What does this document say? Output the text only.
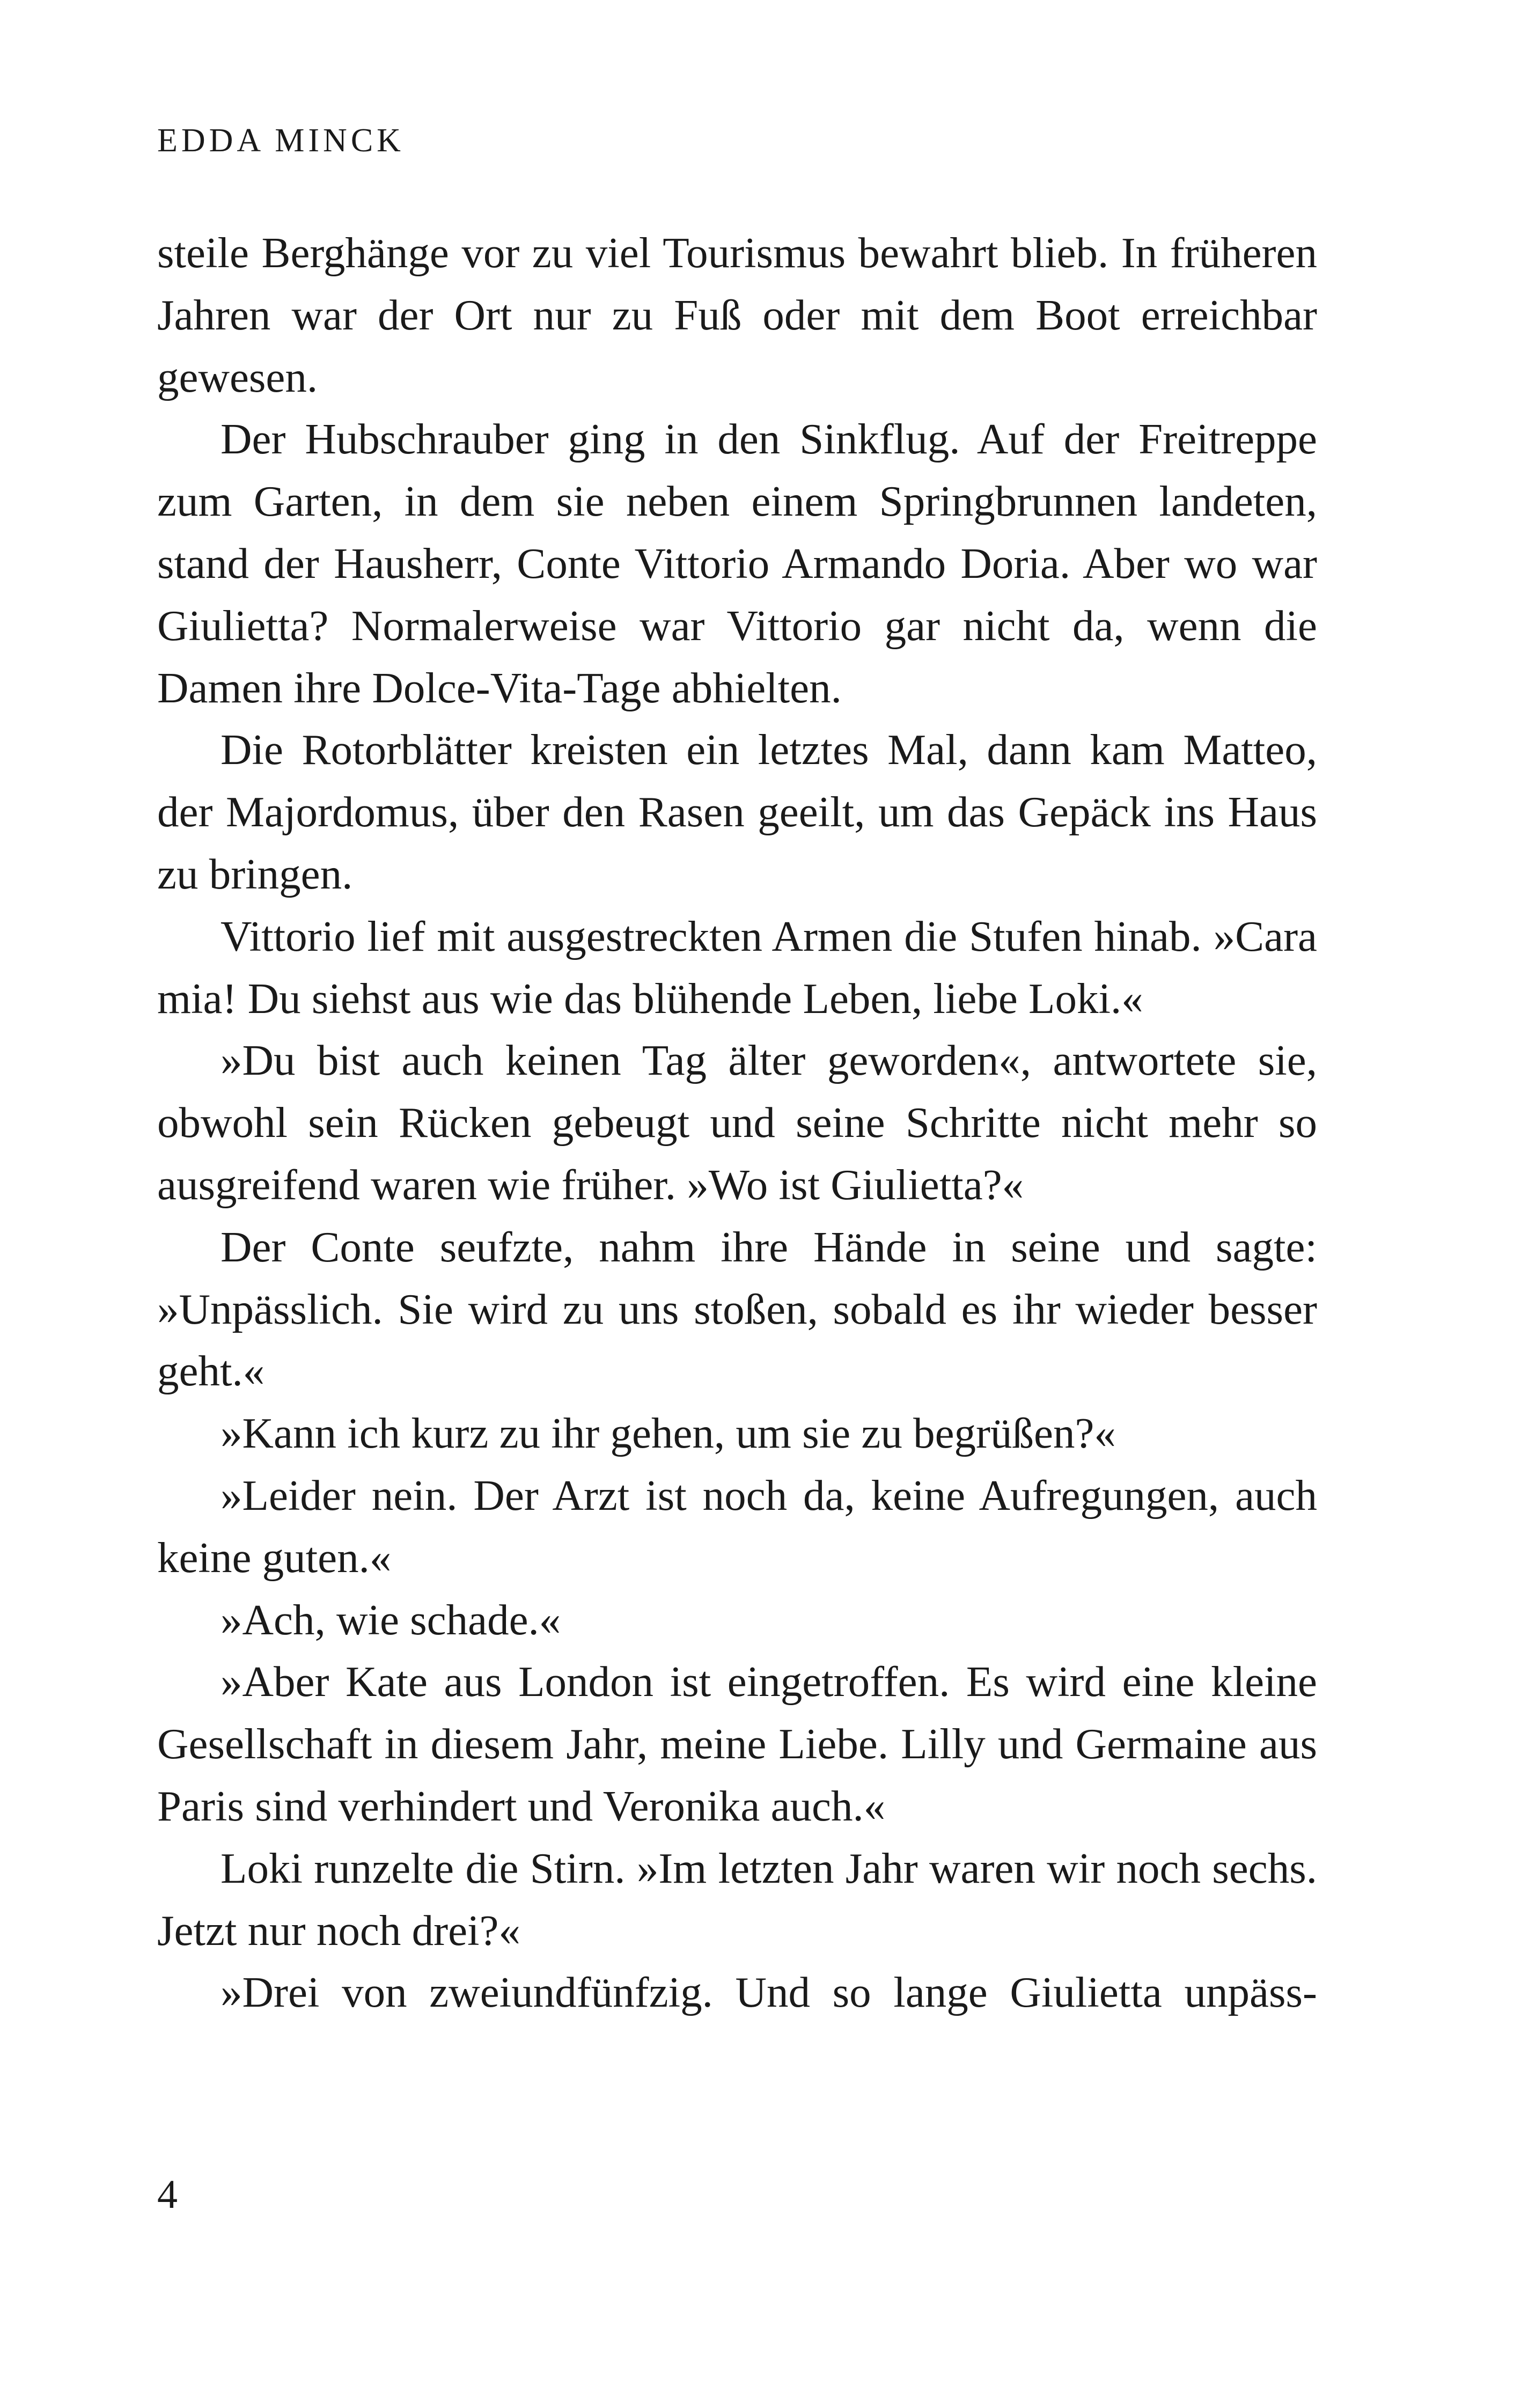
EDDA MINCK

steile Berghänge vor zu viel Tourismus bewahrt blieb. In früheren Jahren war der Ort nur zu Fuß oder mit dem Boot erreichbar gewesen.

Der Hubschrauber ging in den Sinkflug. Auf der Freitreppe zum Garten, in dem sie neben einem Springbrunnen landeten, stand der Hausherr, Conte Vittorio Armando Doria. Aber wo war Giulietta? Normalerweise war Vittorio gar nicht da, wenn die Damen ihre Dolce-Vita-Tage abhielten.

Die Rotorblätter kreisten ein letztes Mal, dann kam Matteo, der Majordomus, über den Rasen geeilt, um das Gepäck ins Haus zu bringen.

Vittorio lief mit ausgestreckten Armen die Stufen hinab. »Cara mia! Du siehst aus wie das blühende Leben, liebe Loki.«

»Du bist auch keinen Tag älter geworden«, antwortete sie, obwohl sein Rücken gebeugt und seine Schritte nicht mehr so ausgreifend waren wie früher. »Wo ist Giulietta?«

Der Conte seufzte, nahm ihre Hände in seine und sagte: »Unpässlich. Sie wird zu uns stoßen, sobald es ihr wieder besser geht.«

»Kann ich kurz zu ihr gehen, um sie zu begrüßen?«

»Leider nein. Der Arzt ist noch da, keine Aufregungen, auch keine guten.«

»Ach, wie schade.«

»Aber Kate aus London ist eingetroffen. Es wird eine kleine Gesellschaft in diesem Jahr, meine Liebe. Lilly und Germaine aus Paris sind verhindert und Veronika auch.«

Loki runzelte die Stirn. »Im letzten Jahr waren wir noch sechs. Jetzt nur noch drei?«

»Drei von zweiundfünfzig. Und so lange Giulietta unpäss-

4
